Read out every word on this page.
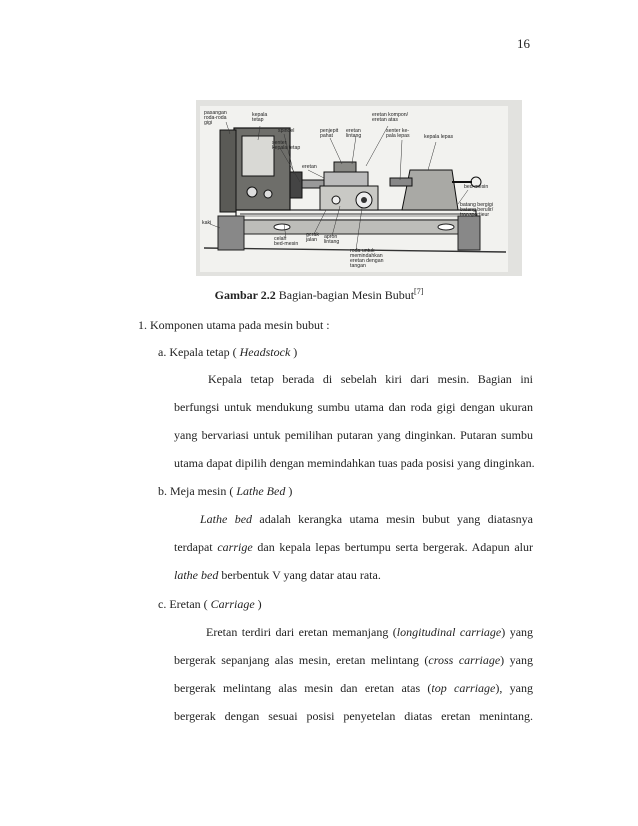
16
pasangan roda-roda gigi
kepala tetap
spindel
senter kepala tetap
penjepit pahat
eretan
eretan lintang
eretan kompon/ eretan atas
senter ke- pala lepas	kepala lepas
bed-mesin
batang bergigi batang berulir/ transportieur
kaki
celah bed-mesin
gerak jalan	apron lintang
roda untuk memindahkan eretan dengan tangan
Gambar 2.2 Bagian-bagian Mesin Bubut[7]
1. Komponen utama pada mesin bubut :
a. Kepala tetap ( Headstock )
Kepala tetap berada di sebelah kiri dari mesin. Bagian ini
berfungsi untuk mendukung sumbu utama dan roda gigi dengan ukuran
yang bervariasi untuk pemilihan putaran yang dinginkan. Putaran sumbu
utama dapat dipilih dengan memindahkan tuas pada posisi yang dinginkan.
b. Meja mesin ( Lathe Bed )
Lathe bed adalah kerangka utama mesin bubut yang diatasnya
terdapat carrige dan kepala lepas bertumpu serta bergerak. Adapun alur
lathe bed berbentuk V yang datar atau rata.
c. Eretan ( Carriage )
Eretan terdiri dari eretan memanjang (longitudinal carriage) yang
bergerak sepanjang alas mesin, eretan melintang (cross carriage) yang
bergerak melintang alas mesin dan eretan atas (top carriage), yang
bergerak dengan sesuai posisi penyetelan diatas eretan menintang.
